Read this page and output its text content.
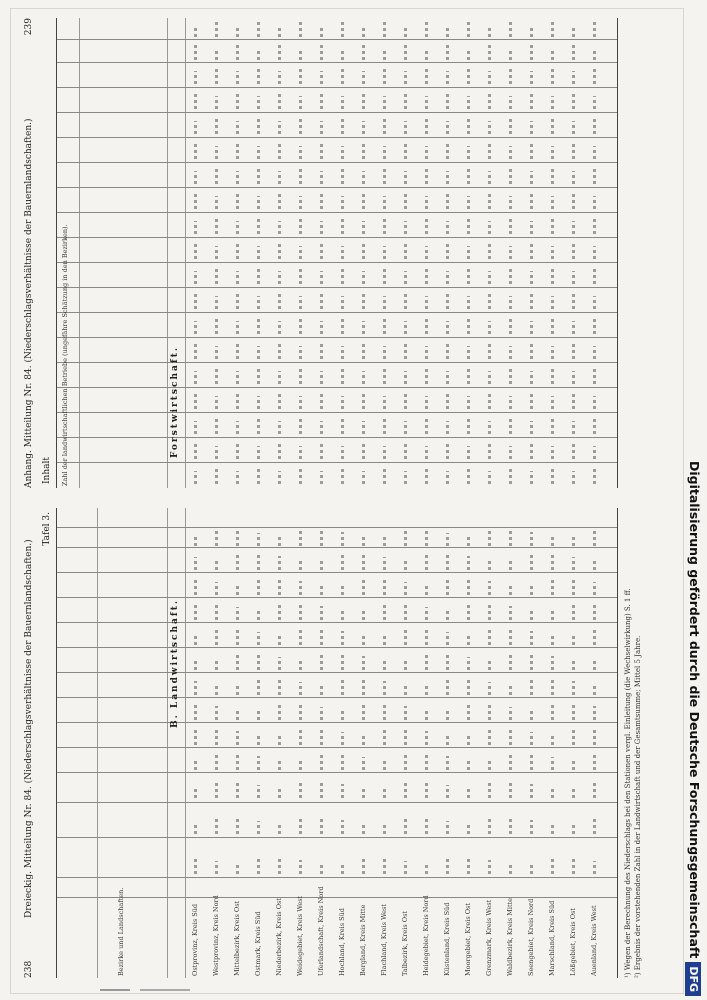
238
Dreieckig. Mitteilung Nr. 84. (Niederschlagsverhältnisse der Bauernlandschaften.)
Tafel 3.
Bezirke und Landschaften.
B. Landwirtschaft.
Ostprovinz, Kreis Süd Westprovinz, Kreis Nord Mittelbezirk, Kreis Ost Ostmark, Kreis Süd Niederbezirk, Kreis Ost Weidegebiet, Kreis West Uferlandschaft, Kreis Nord Hochland, Kreis Süd Bergland, Kreis Mitte Flachland, Kreis West Talbezirk, Kreis Ost Heidegebiet, Kreis Nord Küstenland, Kreis Süd Moorgebiet, Kreis Ost Grenzmark, Kreis West Waldbezirk, Kreis Mitte Seengebiet, Kreis Nord Marschland, Kreis Süd Lößgebiet, Kreis Ost Auenland, Kreis West	¹) Wegen der Berechnung des Niederschlags bei den Stationen vergl. Einleitung (die Wechselwirkung) S. 1 ff. ²) Ergebnis der vorstehenden Zahl in der Landwirtschaft und der Gesamtsumme; Mittel 5 Jahre.
Anhang. Mitteilung Nr. 84. (Niederschlagsverhältnisse der Bauernlandschaften.)
239
Inhalt Zahl der landwirtschaftlichen Betriebe (ungefähre Schätzung in den Bezirken).	Forstwirtschaft.
Digitalisierung gefördert durch die Deutsche ForschungsgemeinschaftDFG
